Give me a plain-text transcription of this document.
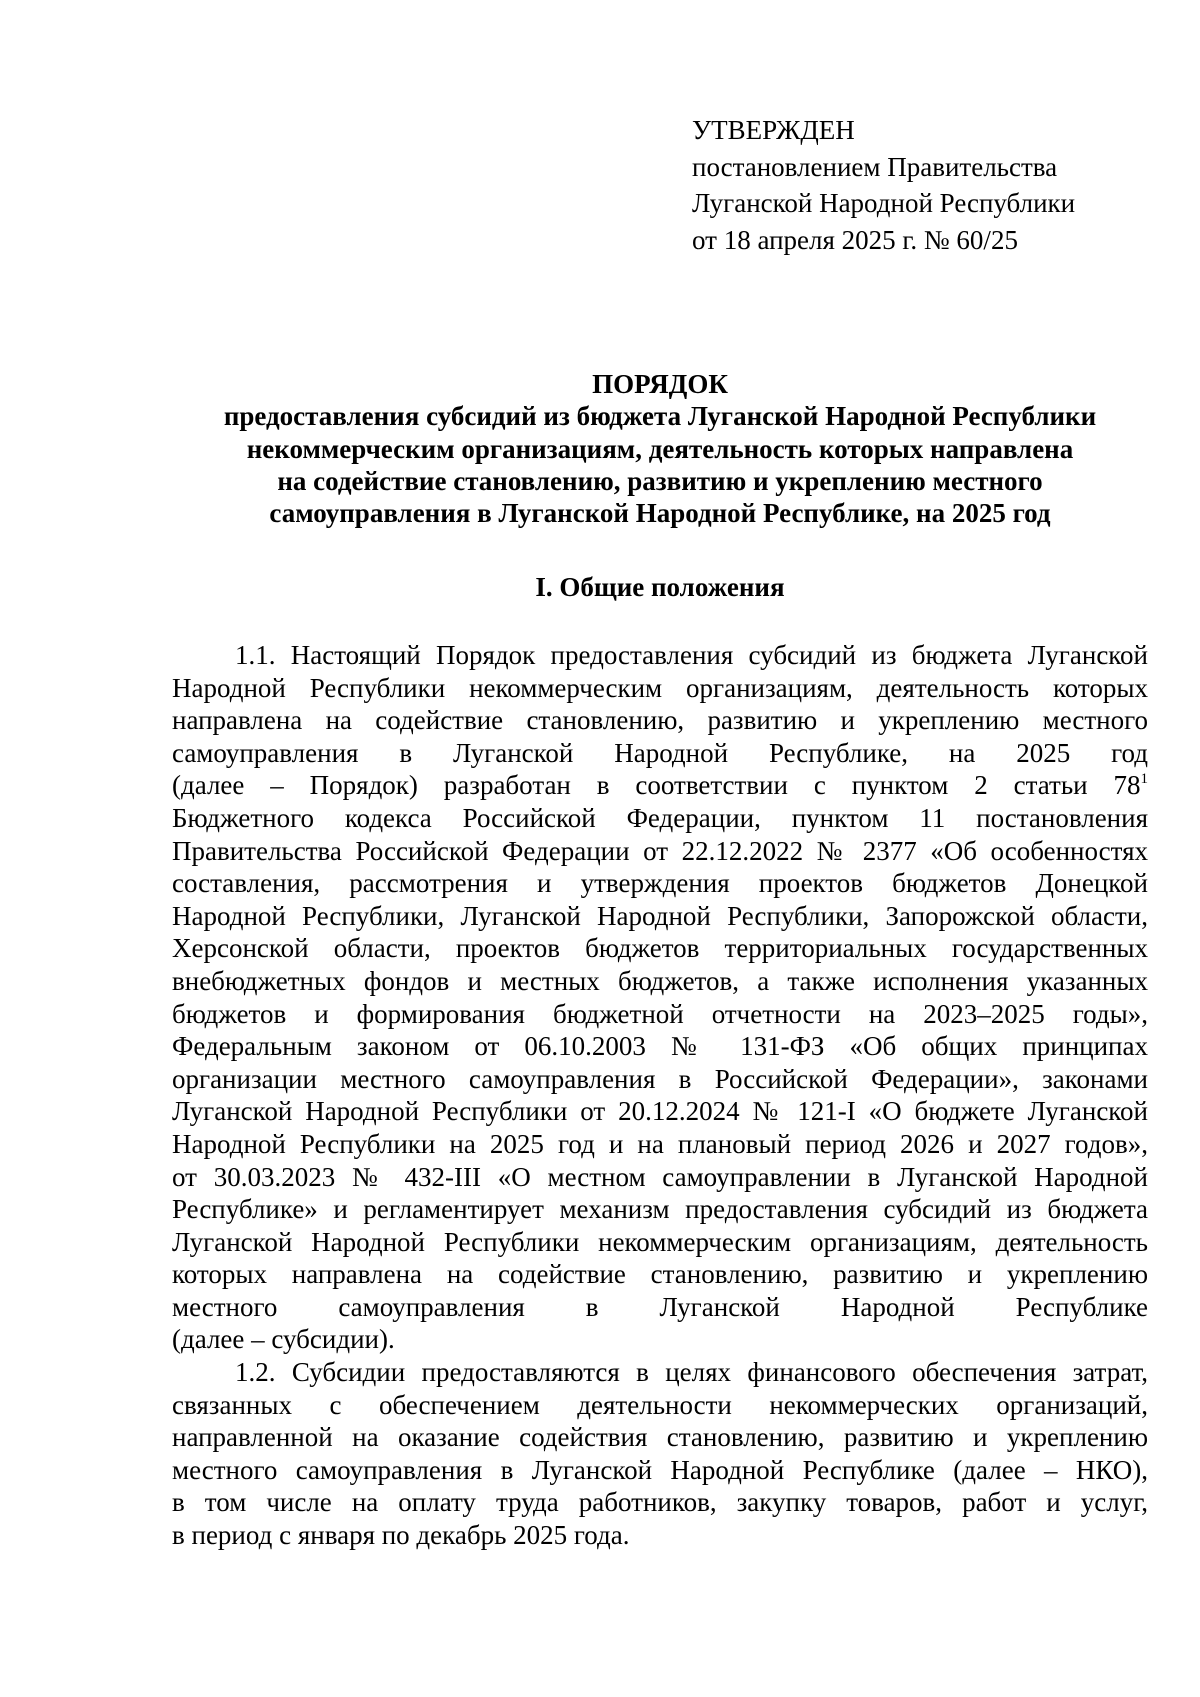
УТВЕРЖДЕН
постановлением Правительства
Луганской Народной Республики
от 18 апреля 2025 г. № 60/25
ПОРЯДОК
предоставления субсидий из бюджета Луганской Народной Республики
некоммерческим организациям, деятельность которых направлена
на содействие становлению, развитию и укреплению местного
самоуправления в Луганской Народной Республике, на 2025 год
I. Общие положения
1.1. Настоящий Порядок предоставления субсидий из бюджета Луганской
Народной Республики некоммерческим организациям, деятельность которых
направлена на содействие становлению, развитию и укреплению местного
самоуправления в Луганской Народной Республике, на 2025 год
(далее – Порядок) разработан в соответствии с пунктом 2 статьи $78^1$
Бюджетного кодекса Российской Федерации, пунктом 11 постановления
Правительства Российской Федерации от 22.12.2022 № 2377 «Об особенностях
составления, рассмотрения и утверждения проектов бюджетов Донецкой
Народной Республики, Луганской Народной Республики, Запорожской области,
Херсонской области, проектов бюджетов территориальных государственных
внебюджетных фондов и местных бюджетов, а также исполнения указанных
бюджетов и формирования бюджетной отчетности на 2023–2025 годы»,
Федеральным законом от 06.10.2003 № 131-ФЗ «Об общих принципах
организации местного самоуправления в Российской Федерации», законами
Луганской Народной Республики от 20.12.2024 № 121-I «О бюджете Луганской
Народной Республики на 2025 год и на плановый период 2026 и 2027 годов»,
от 30.03.2023 № 432-III «О местном самоуправлении в Луганской Народной
Республике» и регламентирует механизм предоставления субсидий из бюджета
Луганской Народной Республики некоммерческим организациям, деятельность
которых направлена на содействие становлению, развитию и укреплению
местного самоуправления в Луганской Народной Республике
(далее – субсидии).
1.2. Субсидии предоставляются в целях финансового обеспечения затрат,
связанных с обеспечением деятельности некоммерческих организаций,
направленной на оказание содействия становлению, развитию и укреплению
местного самоуправления в Луганской Народной Республике (далее – НКО),
в том числе на оплату труда работников, закупку товаров, работ и услуг,
в период с января по декабрь 2025 года.
